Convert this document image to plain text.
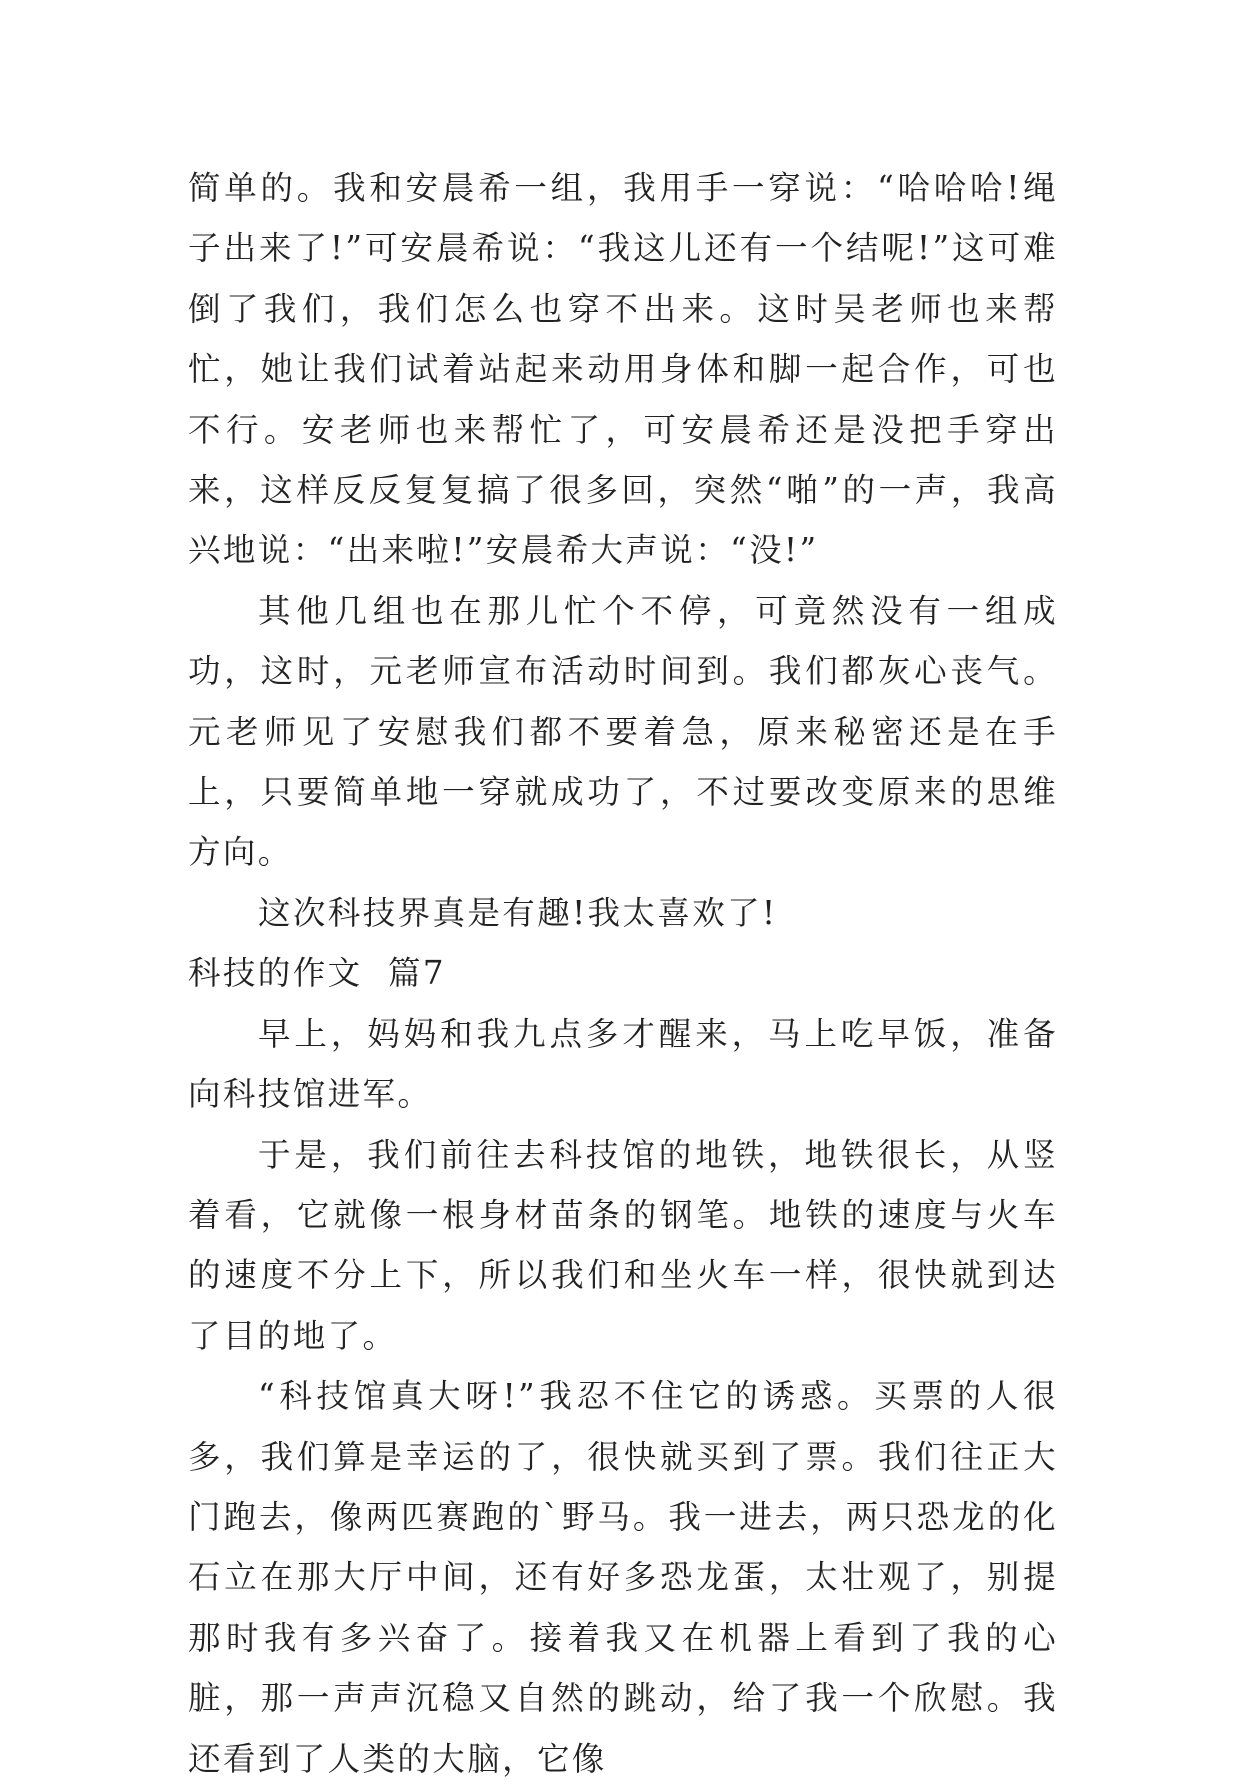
简单的。我和安晨希一组，我用手一穿说：“哈哈哈!绳子出来了!”可安晨希说：“我这儿还有一个结呢!”这可难倒了我们，我们怎么也穿不出来。这时吴老师也来帮忙，她让我们试着站起来动用身体和脚一起合作，可也不行。安老师也来帮忙了，可安晨希还是没把手穿出来，这样反反复复搞了很多回，突然“啪”的一声，我高兴地说：“出来啦!”安晨希大声说：“没!”

其他几组也在那儿忙个不停，可竟然没有一组成功，这时，元老师宣布活动时间到。我们都灰心丧气。元老师见了安慰我们都不要着急，原来秘密还是在手上，只要简单地一穿就成功了，不过要改变原来的思维方向。

这次科技界真是有趣!我太喜欢了!

科技的作文  篇7

早上，妈妈和我九点多才醒来，马上吃早饭，准备向科技馆进军。

于是，我们前往去科技馆的地铁，地铁很长，从竖着看，它就像一根身材苗条的钢笔。地铁的速度与火车的速度不分上下，所以我们和坐火车一样，很快就到达了目的地了。

“科技馆真大呀!”我忍不住它的诱惑。买票的人很多，我们算是幸运的了，很快就买到了票。我们往正大门跑去，像两匹赛跑的`野马。我一进去，两只恐龙的化石立在那大厅中间，还有好多恐龙蛋，太壮观了，别提那时我有多兴奋了。接着我又在机器上看到了我的心脏，那一声声沉稳又自然的跳动，给了我一个欣慰。我还看到了人类的大脑，它像
